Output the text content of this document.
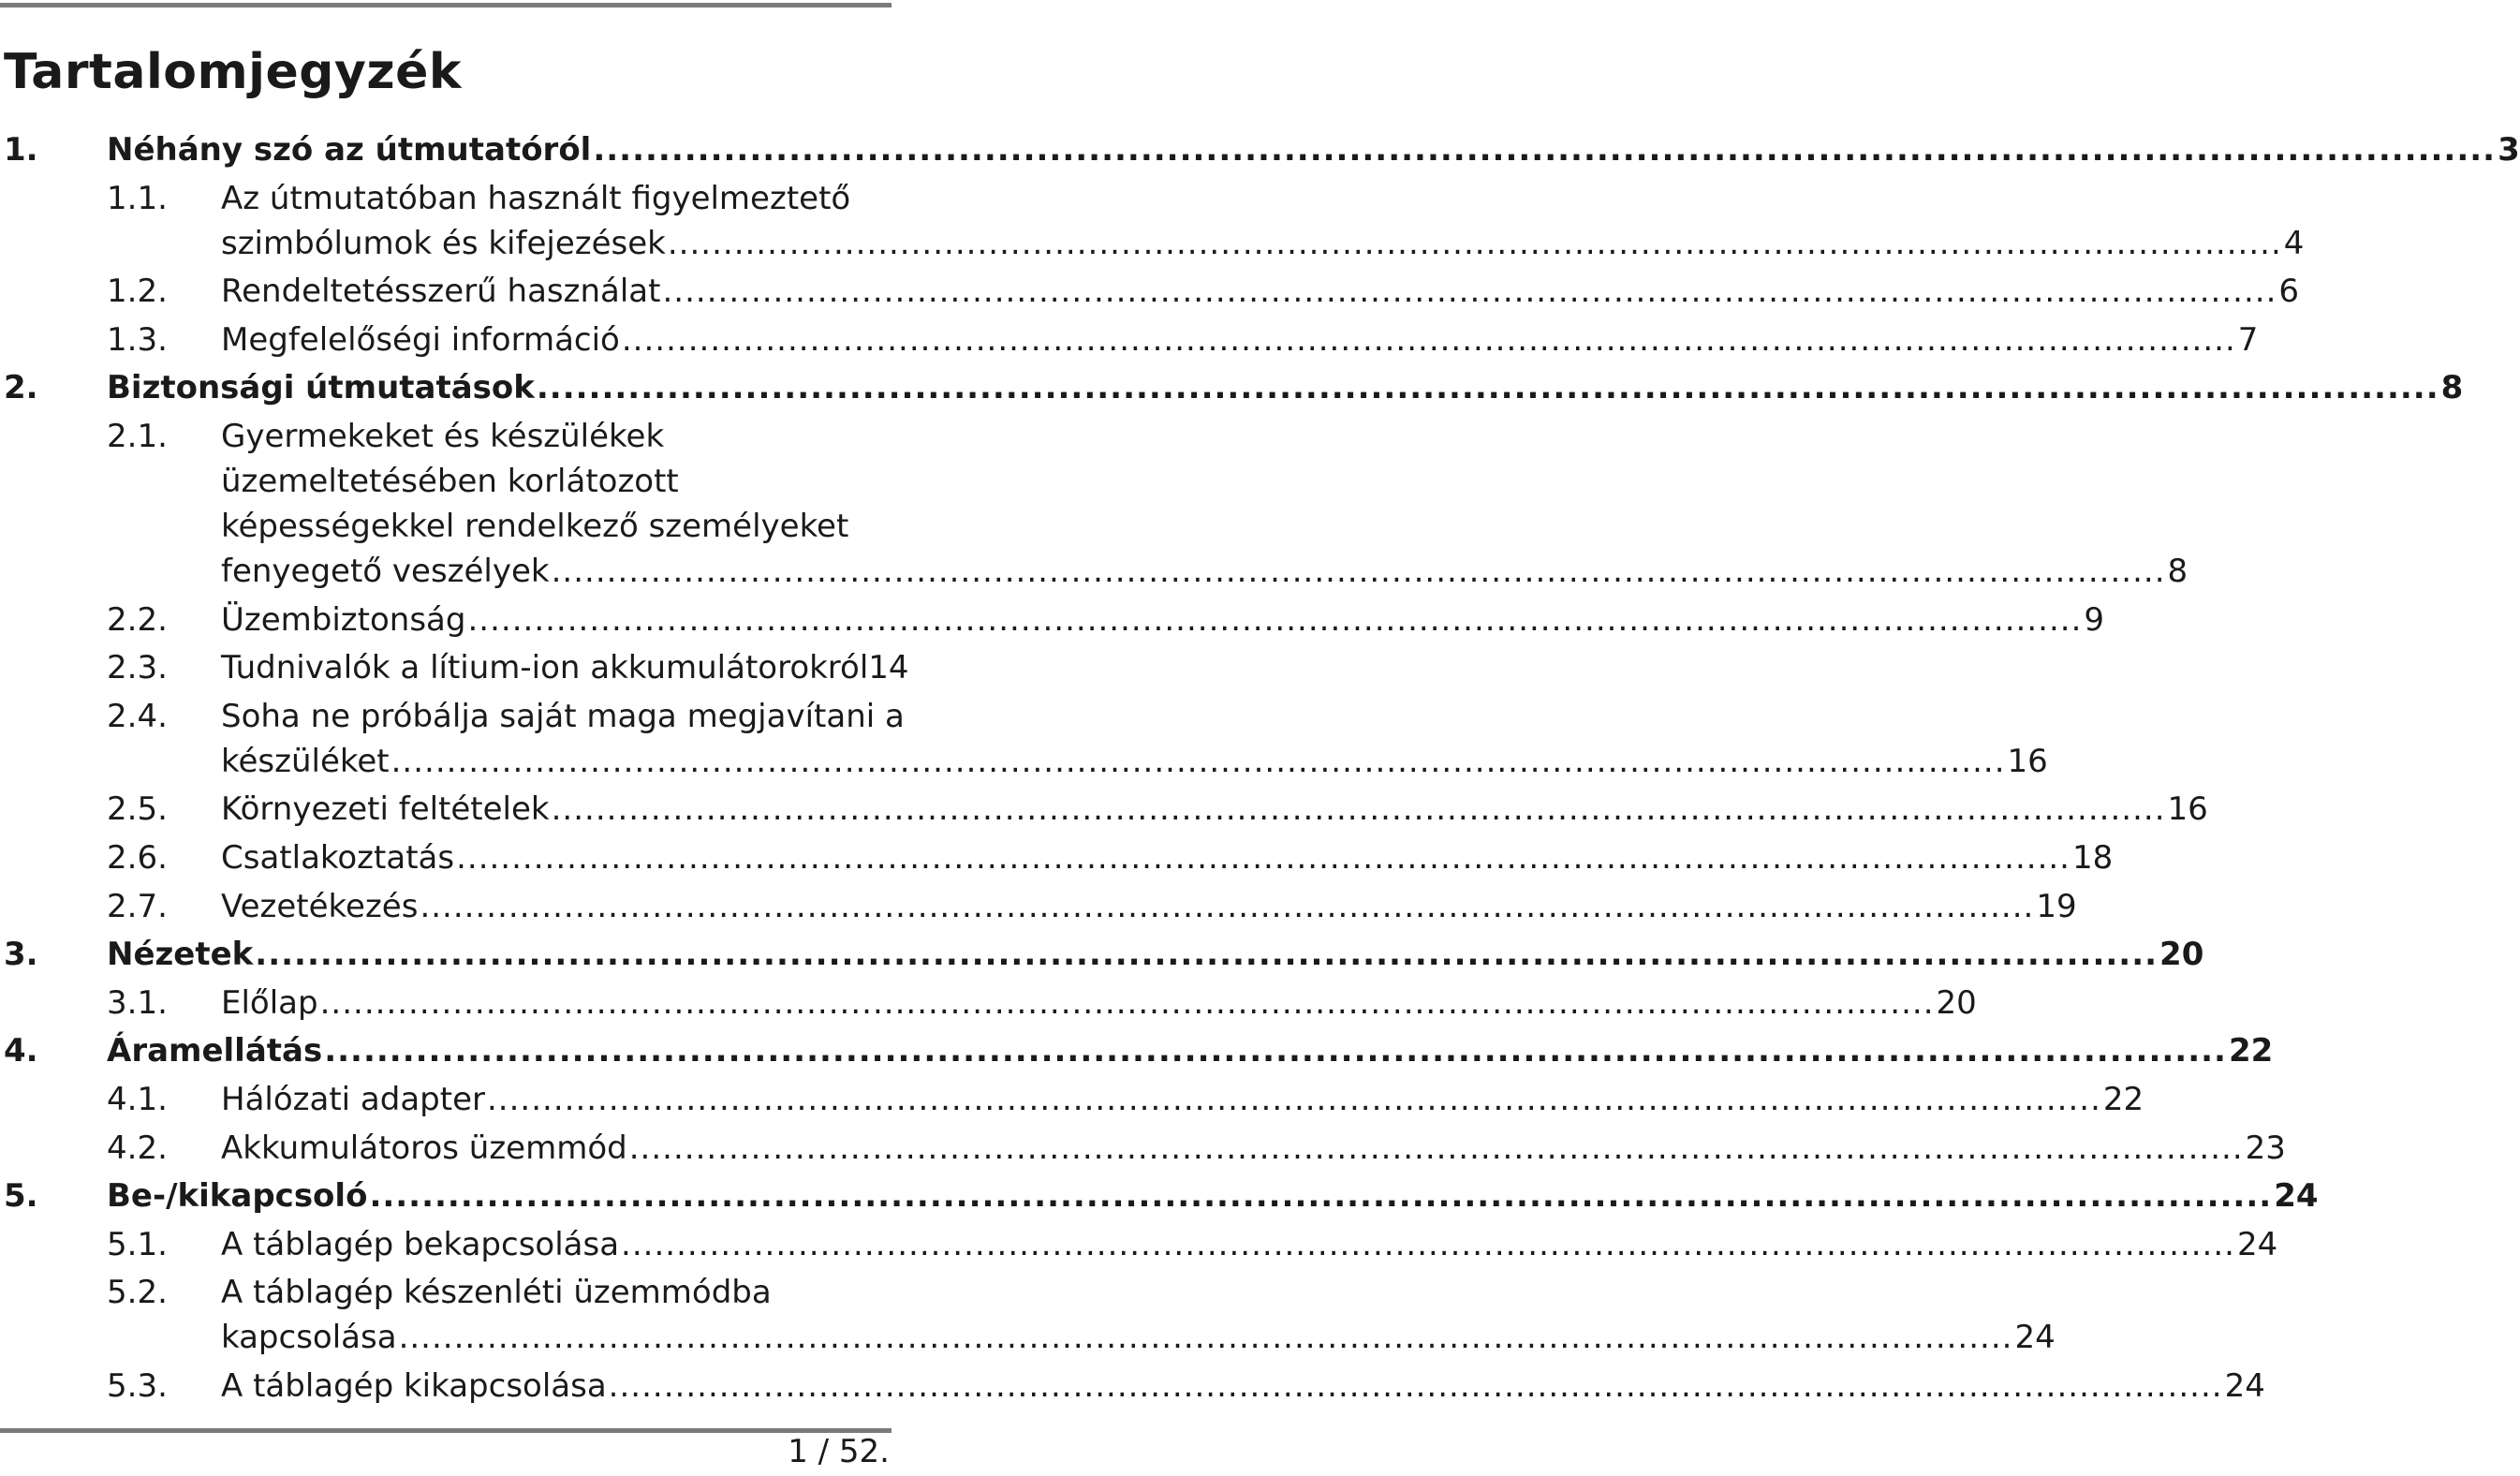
Tartalomjegyzék
1. Néhány szó az útmutatóról .................................................................................................................................................. 3
1.1. Az útmutatóban használt figyelmeztető
szimbólumok és kifejezések .................................................................................................................................................. 4
1.2. Rendeltetésszerű használat .................................................................................................................................................. 6
1.3. Megfelelőségi információ .................................................................................................................................................. 7
2. Biztonsági útmutatások .................................................................................................................................................. 8
2.1. Gyermekeket és készülékek
üzemeltetésében korlátozott
képességekkel rendelkező személyeket
fenyegető veszélyek .................................................................................................................................................. 8
2.2. Üzembiztonság .................................................................................................................................................. 9
2.3. Tudnivalók a lítium-ion akkumulátorokról 14
2.4. Soha ne próbálja saját maga megjavítani a
készüléket .................................................................................................................................................. 16
2.5. Környezeti feltételek .................................................................................................................................................. 16
2.6. Csatlakoztatás .................................................................................................................................................. 18
2.7. Vezetékezés .................................................................................................................................................. 19
3. Nézetek .................................................................................................................................................. 20
3.1. Előlap .................................................................................................................................................. 20
4. Áramellátás .................................................................................................................................................. 22
4.1. Hálózati adapter .................................................................................................................................................. 22
4.2. Akkumulátoros üzemmód .................................................................................................................................................. 23
5. Be-/kikapcsoló .................................................................................................................................................. 24
5.1. A táblagép bekapcsolása .................................................................................................................................................. 24
5.2. A táblagép készenléti üzemmódba
kapcsolása .................................................................................................................................................. 24
5.3. A táblagép kikapcsolása .................................................................................................................................................. 24
1 / 52.
